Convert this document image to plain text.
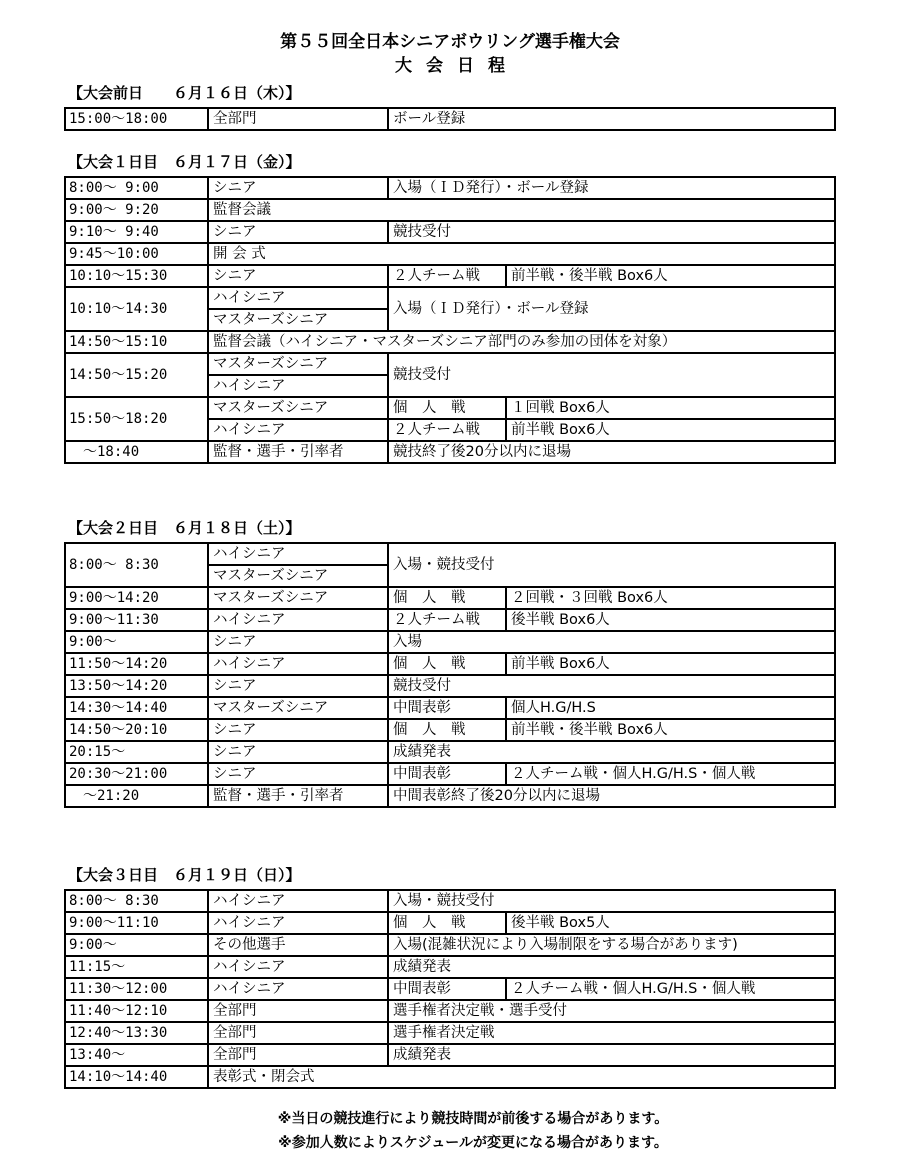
第５５回全日本シニアボウリング選手権大会
大会日程
【大会前日　　６月１６日（木）】
15:00～18:00	全部門	ボール登録
【大会１日目　６月１７日（金）】
8:00～ 9:00	シニア	入場（ＩＤ発行）・ボール登録	
9:00～ 9:20	監督会議		
9:10～ 9:40	シニア	競技受付	
9:45～10:00	開 会 式		
10:10～15:30	シニア	２人チーム戦	前半戦・後半戦 Box6人
10:10～14:30	ハイシニア	入場（ＩＤ発行）・ボール登録	
	マスターズシニア		
14:50～15:10	監督会議（ハイシニア・マスターズシニア部門のみ参加の団体を対象）		
14:50～15:20	マスターズシニア	競技受付	
	ハイシニア		
15:50～18:20	マスターズシニア	個　人　戦	１回戦 Box6人
	ハイシニア	２人チーム戦	前半戦 Box6人
　～18:40	監督・選手・引率者	競技終了後20分以内に退場	
【大会２日目　６月１８日（土）】
8:00～ 8:30	ハイシニア	入場・競技受付	
	マスターズシニア		
9:00～14:20	マスターズシニア	個　人　戦	２回戦・３回戦 Box6人
9:00～11:30	ハイシニア	２人チーム戦	後半戦 Box6人
9:00～	シニア	入場	
11:50～14:20	ハイシニア	個　人　戦	前半戦 Box6人
13:50～14:20	シニア	競技受付	
14:30～14:40	マスターズシニア	中間表彰	個人H.G/H.S
14:50～20:10	シニア	個　人　戦	前半戦・後半戦 Box6人
20:15～	シニア	成績発表	
20:30～21:00	シニア	中間表彰	２人チーム戦・個人H.G/H.S・個人戦
　～21:20	監督・選手・引率者	中間表彰終了後20分以内に退場	
【大会３日目　６月１９日（日）】
8:00～ 8:30	ハイシニア	入場・競技受付	
9:00～11:10	ハイシニア	個　人　戦	後半戦 Box5人
9:00～	その他選手	入場(混雑状況により入場制限をする場合があります)	
11:15～	ハイシニア	成績発表	
11:30～12:00	ハイシニア	中間表彰	２人チーム戦・個人H.G/H.S・個人戦
11:40～12:10	全部門	選手権者決定戦・選手受付	
12:40～13:30	全部門	選手権者決定戦	
13:40～	全部門	成績発表	
14:10～14:40	表彰式・閉会式		
※当日の競技進行により競技時間が前後する場合があります。
※参加人数によりスケジュールが変更になる場合があります。
